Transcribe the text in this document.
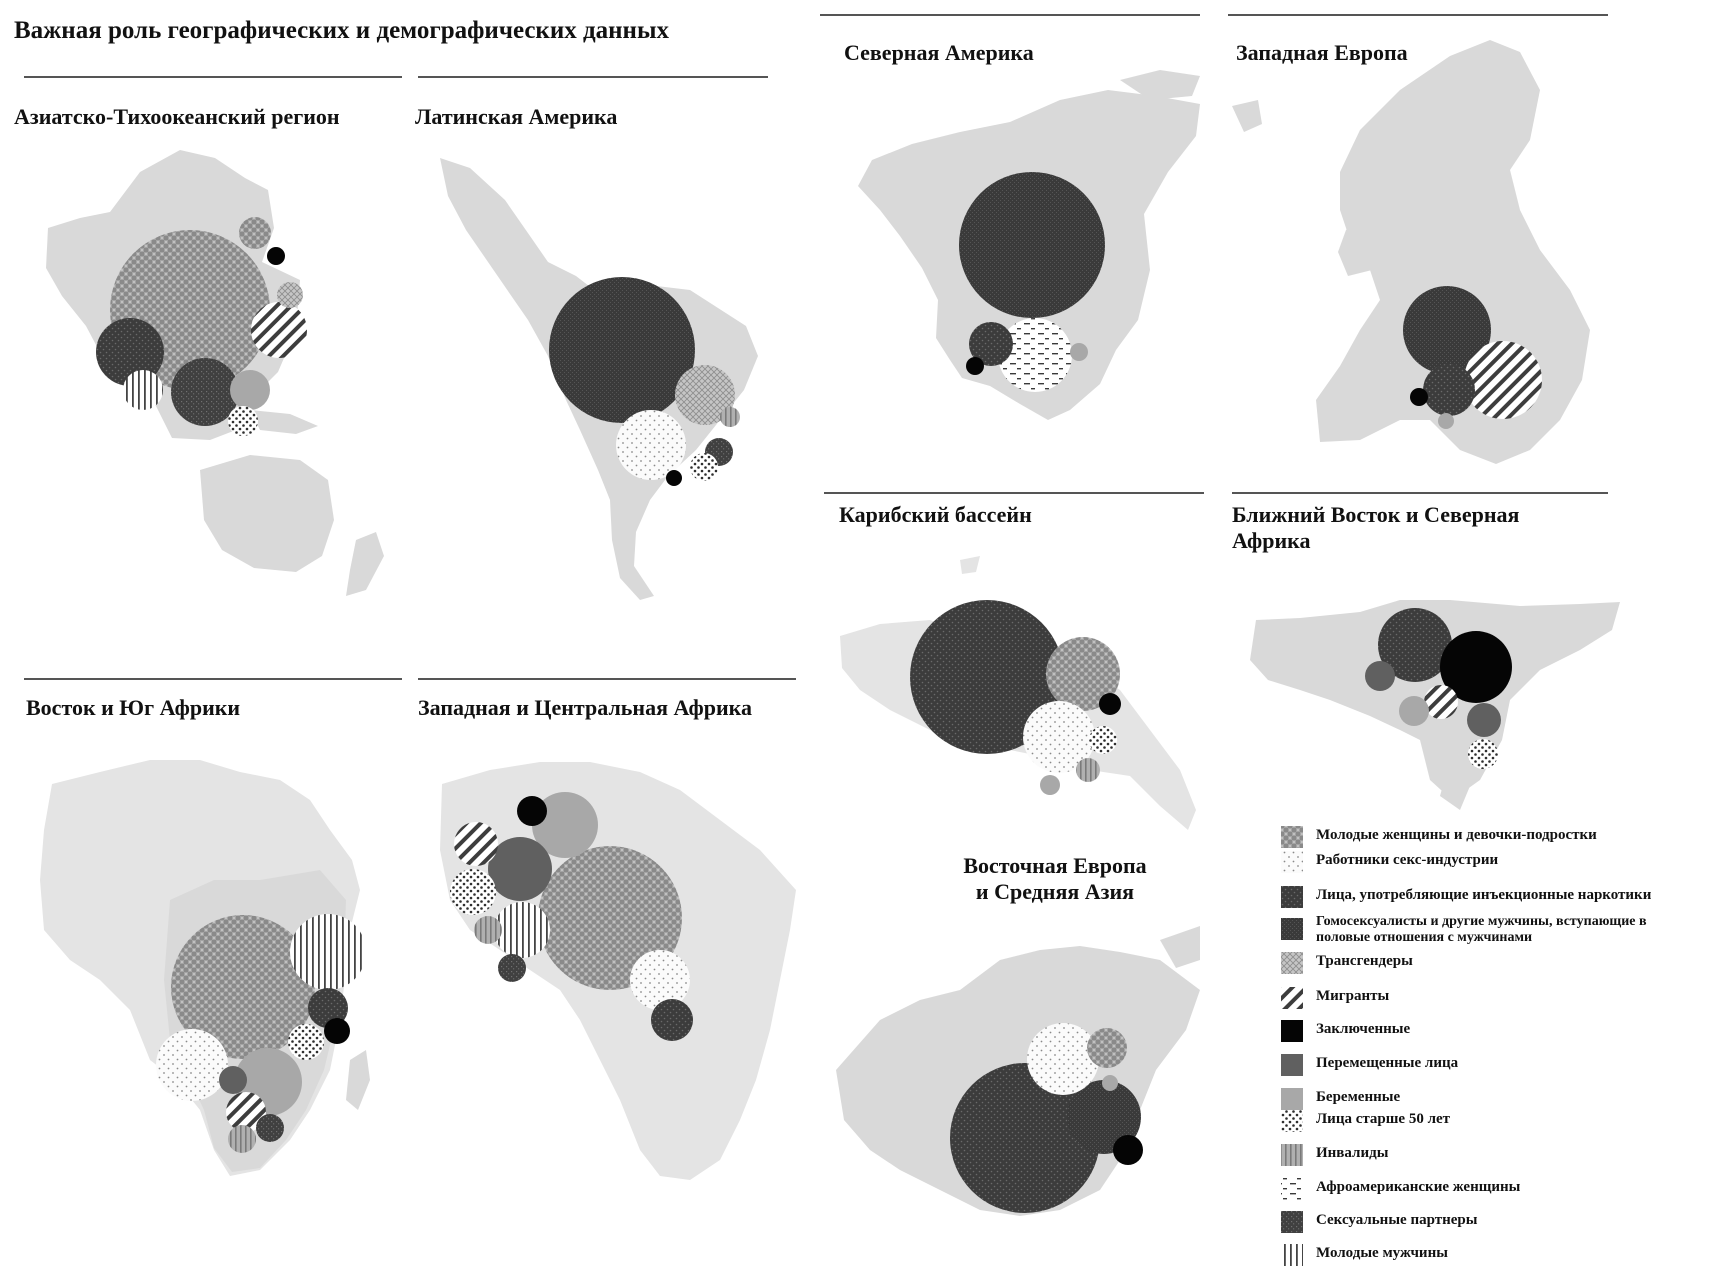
Важная роль географических и демографических данных
Азиатско-Тихоокеанский регион	Латинская Америка
Северная Америка	Западная Европа
Карибский бассейн	Ближний Восток и Северная Африка
Восток и Юг Африки	Западная и Центральная Африка
Восточная Европа и Средняя Азия
Молодые женщины и девочки-подростки
Работники секс-индустрии
Лица, употребляющие инъекционные наркотики
Гомосексуалисты и другие мужчины, вступающие в половые отношения с мужчинами
Трансгендеры
Мигранты
Заключенные
Перемещенные лица
Беременные
Лица старше 50 лет
Инвалиды
Афроамериканские женщины
Сексуальные партнеры
Молодые мужчины
